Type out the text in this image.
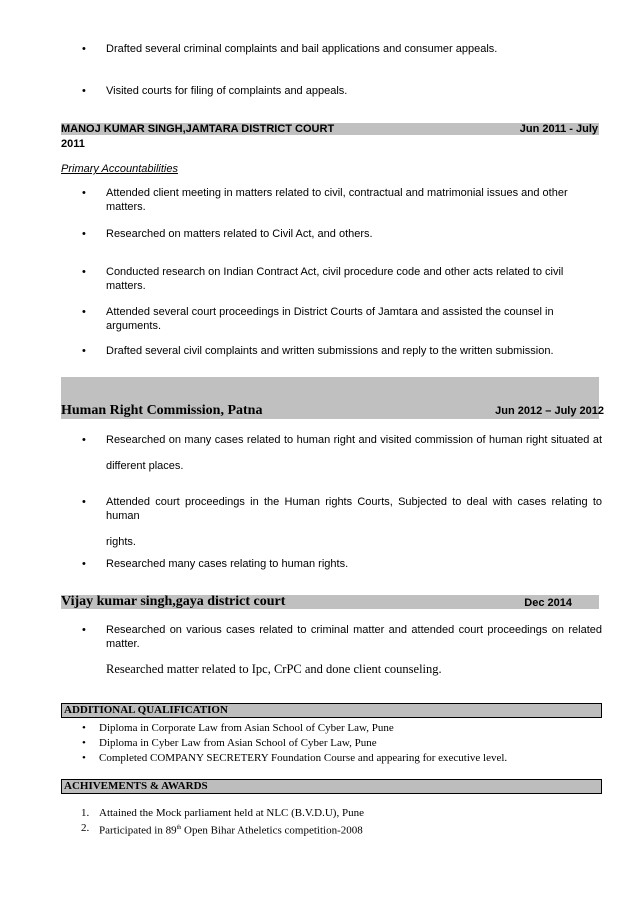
• Drafted several criminal complaints and bail applications and consumer appeals.
• Visited courts for filing of complaints and appeals.
MANOJ KUMAR SINGH,JAMTARA DISTRICT COURT	Jun 2011 - July
2011
Primary Accountabilities
• Attended client meeting in matters related to civil, contractual and matrimonial issues and other matters.
• Researched on matters related to Civil Act, and others.
• Conducted research on Indian Contract Act, civil procedure code and other acts related to civil matters.
• Attended several court proceedings in District Courts of Jamtara and assisted the counsel in arguments.
• Drafted several civil complaints and written submissions and reply to the written submission.
Human Right Commission, Patna	Jun 2012 – July 2012
• Researched on many cases related to human right and visited commission of human right situated at
different places.
• Attended court proceedings in the Human rights Courts, Subjected to deal with cases relating to human
rights.
• Researched many cases relating to human rights.
Vijay kumar singh,gaya district court	Dec 2014
• Researched on various cases related to criminal matter and attended court proceedings on related
matter.
Researched matter related to Ipc, CrPC and done client counseling.
ADDITIONAL QUALIFICATION
• Diploma in Corporate Law from Asian School of Cyber Law, Pune
• Diploma in Cyber Law from Asian School of Cyber Law, Pune
• Completed COMPANY SECRETERY Foundation Course and appearing for executive level.
ACHIVEMENTS & AWARDS
1. Attained the Mock parliament held at NLC (B.V.D.U), Pune
2. Participated in 89th Open Bihar Atheletics competition-2008
